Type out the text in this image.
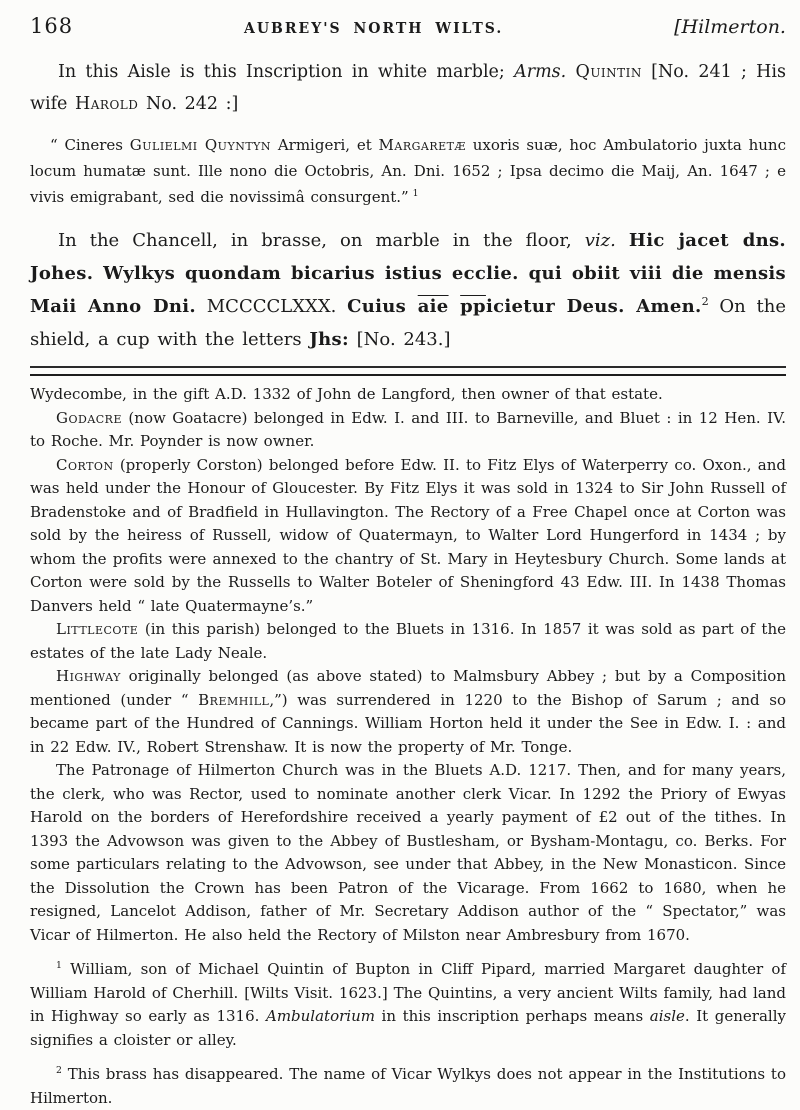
168	AUBREY'S NORTH WILTS.	[Hilmerton.

In this Aisle is this Inscription in white marble; Arms. Quintin [No. 241 ; His wife Harold No. 242 :]

“ Cineres Gulielmi Quyntyn Armigeri, et Margaretæ uxoris suæ, hoc Ambulatorio juxta hunc locum humatæ sunt. Ille nono die Octobris, An. Dni. 1652 ; Ipsa decimo die Maij, An. 1647 ; e vivis emigrabant, sed die novissimâ consurgent.” $^1$

In the Chancell, in brasse, on marble in the floor, viz. Hic jacet dns. Johes. Wylkys quondam bicarius istius ecclie. qui obiit viii die mensis Maii Anno Dni. MCCCCLXXX. Cuius $\overline{aie}$ $\overline{pp}icietur$ Deus. Amen.$^2$ On the shield, a cup with the letters Jhs: [No. 243.]

Wydecombe, in the gift A.D. 1332 of John de Langford, then owner of that estate.

Godacre (now Goatacre) belonged in Edw. I. and III. to Barneville, and Bluet : in 12 Hen. IV. to Roche. Mr. Poynder is now owner.

Corton (properly Corston) belonged before Edw. II. to Fitz Elys of Waterperry co. Oxon., and was held under the Honour of Gloucester. By Fitz Elys it was sold in 1324 to Sir John Russell of Bradenstoke and of Bradfield in Hullavington. The Rectory of a Free Chapel once at Corton was sold by the heiress of Russell, widow of Quatermayn, to Walter Lord Hungerford in 1434 ; by whom the profits were annexed to the chantry of St. Mary in Heytesbury Church. Some lands at Corton were sold by the Russells to Walter Boteler of Sheningford 43 Edw. III. In 1438 Thomas Danvers held “ late Quatermayne’s.”

Littlecote (in this parish) belonged to the Bluets in 1316. In 1857 it was sold as part of the estates of the late Lady Neale.

Highway originally belonged (as above stated) to Malmsbury Abbey ; but by a Composition mentioned (under “ Bremhill,”) was surrendered in 1220 to the Bishop of Sarum ; and so became part of the Hundred of Cannings. William Horton held it under the See in Edw. I. : and in 22 Edw. IV., Robert Strenshaw. It is now the property of Mr. Tonge.

The Patronage of Hilmerton Church was in the Bluets A.D. 1217. Then, and for many years, the clerk, who was Rector, used to nominate another clerk Vicar. In 1292 the Priory of Ewyas Harold on the borders of Herefordshire received a yearly payment of £2 out of the tithes. In 1393 the Advowson was given to the Abbey of Bustlesham, or Bysham-Montagu, co. Berks. For some particulars relating to the Advowson, see under that Abbey, in the New Monasticon. Since the Dissolution the Crown has been Patron of the Vicarage. From 1662 to 1680, when he resigned, Lancelot Addison, father of Mr. Secretary Addison author of the “ Spectator,” was Vicar of Hilmerton. He also held the Rectory of Milston near Ambresbury from 1670.

$^1$ William, son of Michael Quintin of Bupton in Cliff Pipard, married Margaret daughter of William Harold of Cherhill. [Wilts Visit. 1623.] The Quintins, a very ancient Wilts family, had land in Highway so early as 1316. Ambulatorium in this inscription perhaps means aisle. It generally signifies a cloister or alley.

$^2$ This brass has disappeared. The name of Vicar Wylkys does not appear in the Institutions to Hilmerton.
